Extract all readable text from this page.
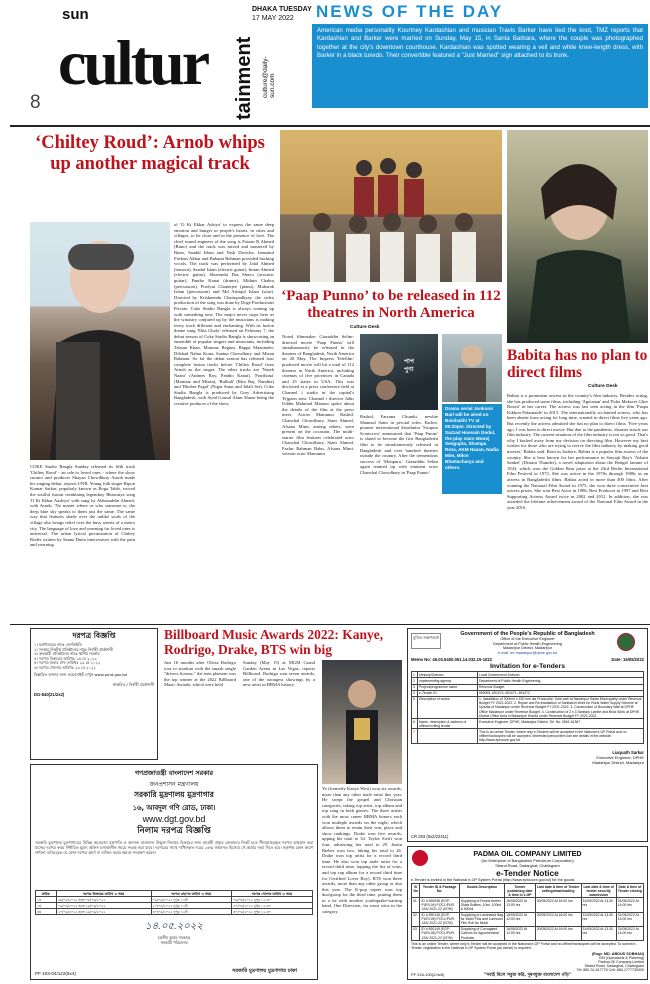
8
sun
cultur tainment
DHAKA TUESDAY
17 MAY 2022
culture@daily-sun.com
NEWS OF THE DAY
American media personality Kourtney Kardashian and musician Travis Barker have tied the knot, TMZ reports that Kardashian and Barker were married on Sunday, May 15, in Santa Barbara, where the couple was photographed together at the city's downtown courthouse. Kardashian was spotted wearing a veil and white knee-length dress, with Barker in a black tuxedo. Their convertible featured a "Just Married" sign attached to its trunk.
‘Chiltey Roud’: Arnob whips up another magical track
COKE Studio Bangla Sunday released its fifth track 'Chiltey Roud' - an ode to loved ones - where the show curator and producer Shayan Chowdhury Arnob made his singing debut, reports UNB. Young folk singer Ripon Kumar Sarkar, popularly known as Boga Taleb, voiced the soulful fusion combining legendary Bhawaiya song 'O Ki Ekbar Aashiya' with sung by Abbasuddin Ahmed, with Arnob. 'No matter where or who someone is, the deep blue sky speaks to them just the same. The same way that features shade over the unlike souls of the village also brings relief over the busy streets of a metro city. The language of love and yearning for loved ones is universal. The urban lyrical picturization of Chiltey Roder written by Sanna Dutta interweaves with the pain and yearning
of 'O Ki Ekbar Ashiya' to express the same deep emotion and hunger in people's hearts, in cities and villages, to be close and in the presence of love. The chief sound engineer of the song is Faizan R Ahmed (Buno) and the track was mixed and mastered by Buno, Saadul Islam and Yash Divecha. Jamaatul Firdous Akbar and Rubaiat Rehman provided backing vocals. The track was performed by Jalal Ahmed (tomorit), Saadul Islam (electric guitar), Imran Ahmed (electric guitar), Shuvendu Das Shuvo (acoustic guitar), Pantho Kanai (drums), Mithun Chakra (percussion), Prodyut Chatterjee (piano), Mubarak Islam (percussion) and Md Ashiqul Islam (sitar). Directed by Krishnendu Chattopadhyay, the video production of the song was done by Doge Productions Private. Coke Studio Bangla is always coming up with something new. The major never stops here as the winastry conjured up by the musicians is making every track different and enchanting. With its fusion theme song 'Ekla Cholo' released on February 7, the debut season of Coke Studio Bangla is showcasing an ensemble of popular singers and musicians, including Tahsan Khan, Momtaz Begum, Bappa Mazumder, Dilshad Nahar Kona, Sanina Chowdhury and Mizan Rahman. So far the debut season has released four complete fusion tracks before 'Chiltey Roud' from Arnob as the singer. The other tracks are 'Nasek Naani' (Animes Roy, Pantho Kanai), 'Prarthona' (Momtaz and Mizan), 'Bulbuli' (Ritu Raj, Nandita) and 'Bhober Pagol' (Nigar Sumi and Jalali Set). Coke Studio Bangla is produced by Grey Advertising Bangladesh, with Synd Gousal Alam Shaon being the creative producer of the show.
‘Paap Punno’ to be released in 112 theatres in North America
Culture Desk
Noted filmmaker Giasuddin Selim-directed movie 'Paap Punno' will simultaneously be released in the theatres of Bangladesh, North America on 20 May. The Impress Telefilm-produced movie will hit a total of 112 theatres in North America, including cinemas of five provinces in Canada and 25 states in USA. This was disclosed at a press conference held at Channel i studio in the capital's Tejgaon area. Channel i director Jahir Uddin Mahmud Mamun spoke about the details of the film at the press meet. Actors Mamunur Rashid, Chanchal Chowdhury, Siam Ahmed, Afsana Mimi, among others, were present on the occasion. The multi-starrer film features celebrated actor Chanchal Chowdhury, Siam Ahmed, Fazlur Rahman Babu, Afsana Mimi, veteran actor Mamunur
পাপ পুণ্য
Rashid, Farzana Chumki, newbie Shamsul Sami in pivotal roles. Earlier, pioneer international distributor 'Swapno Scarecrow' announced that 'Paap Punno' is slated to become the first Bangladeshi film to be simultaneously released in Bangladesh and over hundred theatres outside the country. After the tremendous success of 'Monpura,' Giasuddin Selim again teamed up with eminent actor Chanchal Chowdhury in 'Paap Punno'.
Drama serial Jonkonir Bari will be aired on Boishakhi TV at 09:20pm. Directed by Sazzad Hossain Dodul, the play stars Monoj Sengupta, Shampa Reza, AKM Hasan, Nadia Mim, Milon Bhattacharya and others.
Babita has no plan to direct films
Culture Desk
Babita is a prominent actress in the country's film industry. Besides acting, she has produced some films, including 'Agnisnan' and 'Poka Makorer Ghor Bosoti' in her career. The actress was last seen acting in the film 'Puspa Kikhon Palasnaide' in 2015. The internationally acclaimed actress, who has been absent from acting for long time, wanted to direct films five years ago. But recently the actress admitted she has no plan to direct films. 'Five years ago, I was keen to direct movie. But due to the pandemic, disaster struck our film industry. The current situation of the film industry is not so good. That's why I backed away from my decision on directing film. However my best wishes for those who are trying to revive the film industry by making good movies,' Babita said. Born in Jashore, Babita is a popular film actress of the country. She is best known for her performance in Satyajit Ray's 'Ashani Sanket' (Distant Thunder), a novel adaptation about the Bengal famine of 1943, which won the Golden Bear prize at the 23rd Berlin International Film Festival in 1973. She was active in the 1970s through 1980s as an actress in Bangladeshi films. Babita acted in more than 300 films. After winning the National Film Award in 1975, she won three consecutive best actress prizes. She won Best Actor in 1986, Best Producer in 1997 and Best Supporting Actress Award twice in 2002 and 2012. In addition, she was awarded the lifetime achievement award of the National Film Award in the year 2016.
দরপত্র বিজ্ঞপ্তি
১। মন্ত্রণালয়ের নামঃ এলজিইডি
২। সংস্থার নিকটস্থ প্রতিষ্ঠানের নামঃ নির্বাহী প্রকৌশলী
৩। ক্রয়কারী প্রতিষ্ঠানের নামঃ স্থানীয় সরকার
৪। দরপত্র বিক্রয়ের তারিখঃ ১৬ মে ২০২২
৫। দরপত্র জমার শেষ তারিখঃ ২৯ মে ২০২২
৬। দরপত্র খোলার তারিখঃ ২৯ মে ২০২২
বিস্তারিত জানার জন্য ওয়েবসাইট দেখুন www.pmd.gov.bd
স্বাক্ষরিত / নির্বাহী প্রকৌশলী
DG-840(21/2x2)
Billboard Music Awards 2022: Kanye, Rodrigo, Drake, BTS win big
Just 16 months after Olivia Rodrigo rose to stardom with the smash single "drivers license," the teen phenom was the top winner at the 2022 Billboard Music Awards, which were held
Sunday (May 15) at MGM Grand Garden Arena in Las Vegas, reports Billboard. Rodrigo won seven awards, one of the strongest showings by a new artist in BBMA history.
Ye (formerly Kanye West) won six awards, more than any other male artist this year. He swept the gospel and Christian categories, taking top artist, top album and top song in both genres. The three artists with the most career BBMA honors each won multiple awards on the night, which allows them to retain their win, place and show rankings. Drake won five awards, upping his total to 34. Taylor Swift won four, advancing her total to 29. Justin Bieber won two, hiking his total to 26. Drake won top artist for a record third time. He also won top male artist for a record third time, topping the list of wins, and top rap album for a record third time for Certified Lover Boy). BTS won three awards, more than any other group or duo this year. The K-pop septet won top duo/group for the third time, putting them in a tie with another youthquake-starting band, One Direction, for most wins in the category.
গণপ্রজাতন্ত্রী বাংলাদেশ সরকার
জনপ্রশাসন মন্ত্রণালয়
সরকারি মুদ্রণালয় মুদ্রণাগার
১৬, আবদুল গণি রোড, ঢাকা।
www.dgt.gov.bd
নিলাম দরপত্র বিজ্ঞপ্তি
সরকারি মুদ্রণালয় মুদ্রণাগারের বিভিন্ন অকেজো যন্ত্রপাতি ও অন্যান্য মালামাল উন্মুক্ত নিলামে বিক্রয়ের জন্য আগ্রহী প্রকৃত ক্রেতাদের নিকট হতে সীলমোহরকৃত দরপত্র আহবান করা যাচ্ছে। দরপত্র ফরম নির্ধারিত মূল্যে অফিস চলাকালীন সময়ে সংগ্রহ করা যাবে। দরপত্রের সাথে দাখিলকৃত দরের ২৫% জামানত হিসেবে পে-অর্ডার জমা দিতে হবে। কর্তৃপক্ষ কোন কারণ দর্শানো ব্যতিরেকে যে কোন দরপত্র গ্রহণ বা বাতিল করার ক্ষমতা সংরক্ষণ করেন।
ক্রমিক	দরপত্র বিক্রয়ের তারিখ ও সময়	দরপত্র গ্রহণের তারিখ ও সময়	দরপত্র খোলার তারিখ ও সময়
১ম	২৬/০৫/২০২২ হতে ০৮/০৬/২০২২	০৯/০৬/২০২২ দুপুর ১২টা	০৯/০৬/২০২২ দুপুর ১২.৩০
২য়	০৯/০৬/২০২২ হতে ১৯/০৬/২০২২	২০/০৬/২০২২ দুপুর ১২টা	২০/০৬/২০২২ দুপুর ১২.৩০
৩য়	২০/০৬/২০২২ হতে ২৯/০৬/২০২২	৩০/০৬/২০২২ দুপুর ১২টা	৩০/০৬/২০২২ দুপুর ১২.৩০
১৪.০৫.২০২২
(অসীম কুমার সরকার)
সহকারী পরিচালক
PF 403-04/122(6x4)	সরকারি মুদ্রণালয় মুদ্রণাগার ঢাকা
মুজিব জন্মশতবর্ষ
Government of the People's Republic of Bangladesh
Office of the Executive Engineer
Department of Public Health Engineering
Madaripur District, Madaripur
e-mail: ee.madaripur@dphe.gov.bd
Memo No: 46.03.5400.061.14.032.15-1022	Date: 16/05/2022
Invitation for e-Tenders
1	Ministry/Division	Local Government Division
2	Implementing agency	Department of Public Health Engineering
3	Project/programme name	Revenue Budget
4	e-Tender ID	690093, 691074, 691071, 691072
5	Description of works	1. Installation of 300mm x 150 mm dia Production Tube-well at Madaripur Sadar Municipality under Revenue Budget FY 2021-2022. 2. Repair and Re-installation of Sanitation Work for Rural Water Supply Scheme at Upazila of Madaripur under Revenue Budget FY 2021-2022. 3. Construction of Boundary Wall at DPHE Office Madaripur under Revenue Budget. 4. Construction of 2 x 3 Sanitary Latrine and Brick Work at DPHE District Office Area in Madaripur District under Revenue Budget FY 2021-2022.
6	Name, description & address of official inviting tender	Executive Engineer, DPHE, Madaripur District. Tel. No: 0661-61367
7		This is an online Tender, where only e-Tenders will be accepted in the National e-GP Portal and no offline/hardcopies will be accepted. Interested person/firm can see details in the website: http://www.eprocure.gov.bd
Liaquath Sarkar
Executive Engineer, DPHE
Madaripur District, Madaripur
CR 293 (6x2/22411)
PADMA OIL COMPANY LIMITED
(An Enterprise of Bangladesh Petroleum Corporation)
Strand Road, Sadarghat, Chattogram
e-Tender Notice
e-Tender is invited in the National e-GP System Portal (http://www.eprocure.gov.bd) for the goods:
Sl No	Tender ID & Package No.	Goods Description	Tender publishing date & time in e-GP	Last date & time of Tender selling/downloading	Last date & time of tender security submission	Date & time of Tender closing
01	ID # 690058 (EGP-PURI-04) POCL/PUR. 12A/ 2021-22 (07/M)	Supplying of Round Amber Glass Bottles, 10ml, 100ml & 500ml	16/05/2022 At 12:00 hrs	30/05/2022 At 16:00 hrs	31/05/2022 At 13:30 hrs	31/05/2022 At 14:00 hrs
02	ID # 690146 (EGP-PURI-05) POCL/PUR. 12A/ 2021-22 (07/M)	Supplying of Laminated Bag for Mobil Plus and Lubricant Film Roll for Mobil	16/05/2022 At 12:00 hrs	30/05/2022 At 16:00 hrs	31/05/2022 At 13:30 hrs	31/05/2022 At 14:00 hrs
03	ID # 690149 (EGP-PURI-06) POCL/PUR. 12A/ 2021-22 (07/M)	Supplying of Corrugated Cartons for Agrochemical Products	16/05/2022 At 12:00 hrs	30/05/2022 At 16:00 hrs	31/05/2022 At 13:30 hrs	31/05/2022 At 14:00 hrs
This is an online Tender, where only e-Tender will be accepted in the National e-GP Portal and no offline/hardcopies will be accepted. To submit e-Tender, registration in the National e-GP System Portal (as above) is required.
(Engr. MD. ABDUS SOBHAN)
GM (Operations & Planning)
Padma Oil Company Limited
Strand Road, Sadarghat, Chattogram
Tel: 880-31-617778 Cell: 880-1777735300
"সবাই মিলে সবুজ করি, দূষণমুক্ত বাংলাদেশ গড়ি"
PF 216-100(2/4x5)
